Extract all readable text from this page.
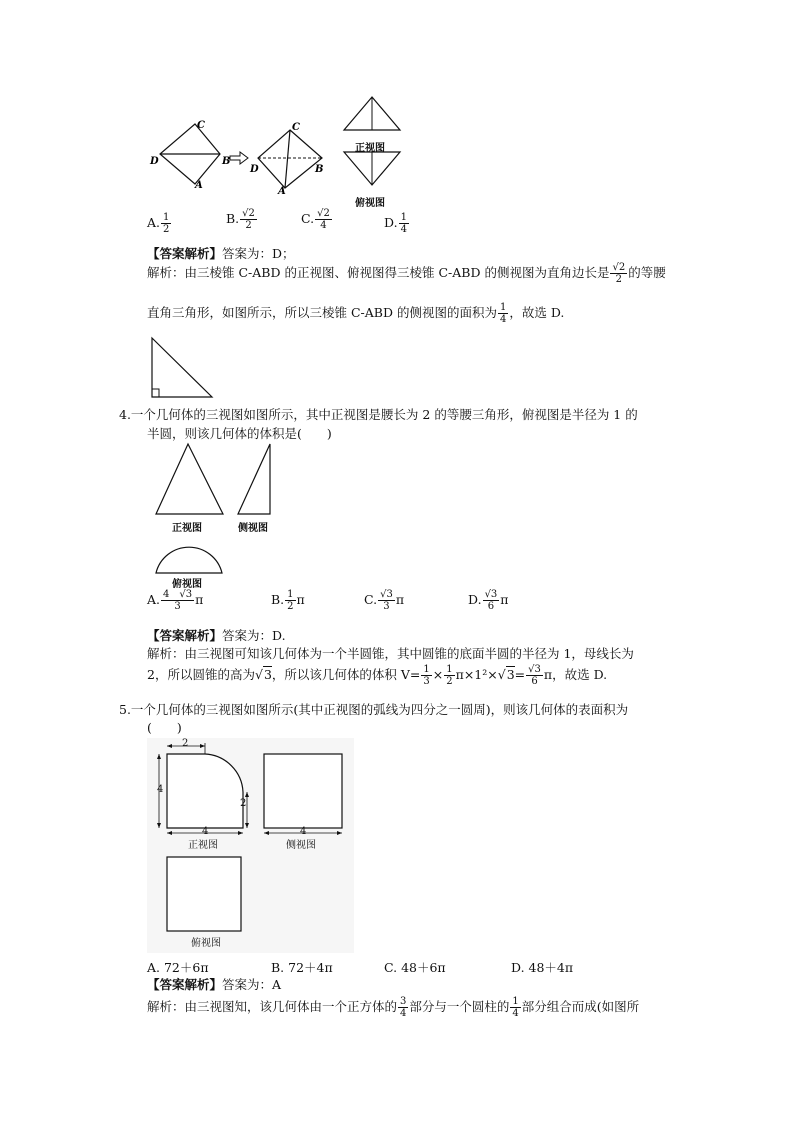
C
D	B
A
C
D	B
A
正视图
俯视图
A. $\frac{1}{2}$	B. $\frac{√2}{2}$	C. $\frac{√2}{4}$	D. $\frac{1}{4}$
【答案解析】答案为：D；
解析：由三棱锥 C-ABD 的正视图、俯视图得三棱锥 C-ABD 的侧视图为直角边长是 $\frac{√2}{2}$ 的等腰
直角三角形，如图所示，所以三棱锥 C-ABD 的侧视图的面积为 $\frac{1}{4}$ ，故选 D.
4.一个几何体的三视图如图所示，其中正视图是腰长为 2 的等腰三角形，俯视图是半径为 1 的
半圆，则该几何体的体积是(　　)
正视图	侧视图
俯视图
A. $\frac{4 √3}{3}$ π	B. $\frac{1}{2}$ π	C. $\frac{√3}{3}$ π	D. $\frac{√3}{6}$ π
【答案解析】答案为：D.
解析：由三视图可知该几何体为一个半圆锥，其中圆锥的底面半圆的半径为 1，母线长为
2，所以圆锥的高为√3，所以该几何体的体积 $V= \frac{1}{3} \times \frac{1}{2} \pi\times 1^2\times√3= \frac{√3}{6}$ π，故选 D.
5.一个几何体的三视图如图所示(其中正视图的弧线为四分之一圆周)，则该几何体的表面积为
(　　)
2
4
2
4	4
正视图	侧视图
俯视图
A. 72＋6π	B. 72＋4π	C. 48＋6π	D. 48＋4π
【答案解析】答案为：A
解析：由三视图知，该几何体由一个正方体的 $\frac{3}{4}$ 部分与一个圆柱的 $\frac{1}{4}$ 部分组合而成(如图所
